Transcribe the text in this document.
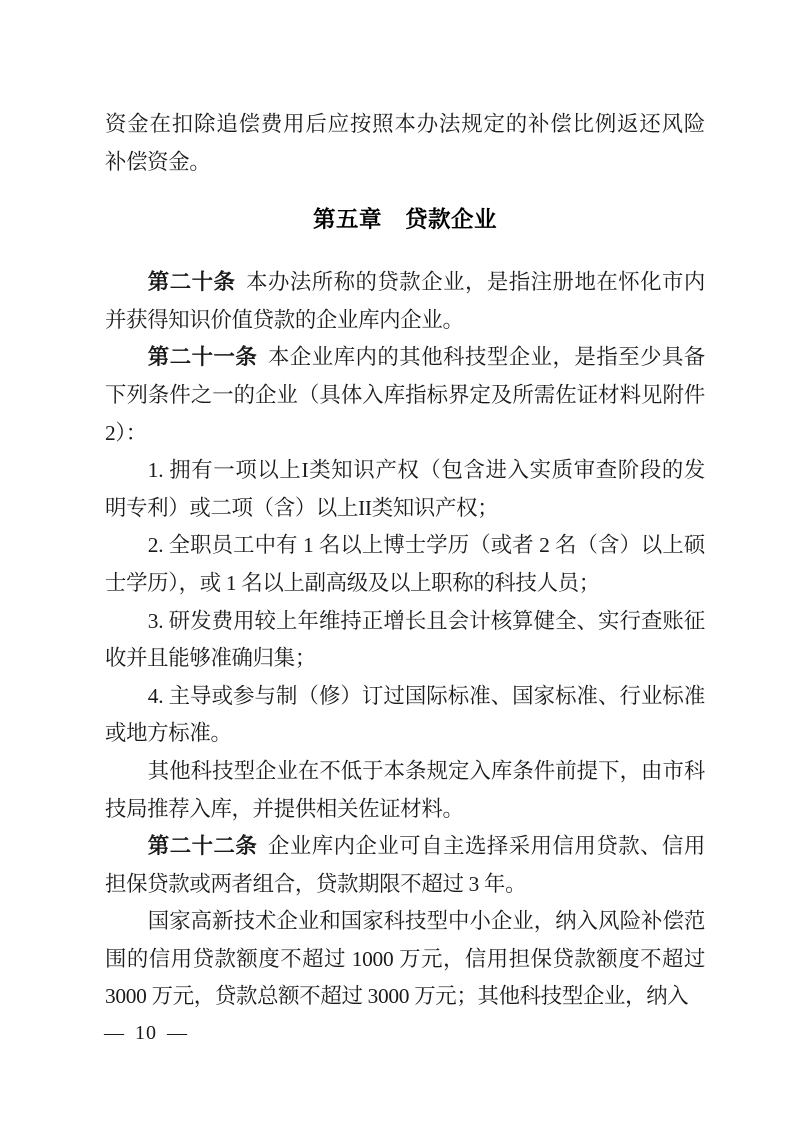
资金在扣除追偿费用后应按照本办法规定的补偿比例返还风险
补偿资金。
第五章　贷款企业
第二十条 本办法所称的贷款企业，是指注册地在怀化市内
并获得知识价值贷款的企业库内企业。
第二十一条 本企业库内的其他科技型企业，是指至少具备
下列条件之一的企业（具体入库指标界定及所需佐证材料见附件
2）：
1. 拥有一项以上I类知识产权（包含进入实质审查阶段的发
明专利）或二项（含）以上II类知识产权；
2. 全职员工中有 1 名以上博士学历（或者 2 名（含）以上硕
士学历），或 1 名以上副高级及以上职称的科技人员；
3. 研发费用较上年维持正增长且会计核算健全、实行查账征
收并且能够准确归集；
4. 主导或参与制（修）订过国际标准、国家标准、行业标准
或地方标准。
其他科技型企业在不低于本条规定入库条件前提下，由市科
技局推荐入库，并提供相关佐证材料。
第二十二条 企业库内企业可自主选择采用信用贷款、信用
担保贷款或两者组合，贷款期限不超过 3 年。
国家高新技术企业和国家科技型中小企业，纳入风险补偿范
围的信用贷款额度不超过 1000 万元，信用担保贷款额度不超过
3000 万元，贷款总额不超过 3000 万元；其他科技型企业，纳入
— 10 —
